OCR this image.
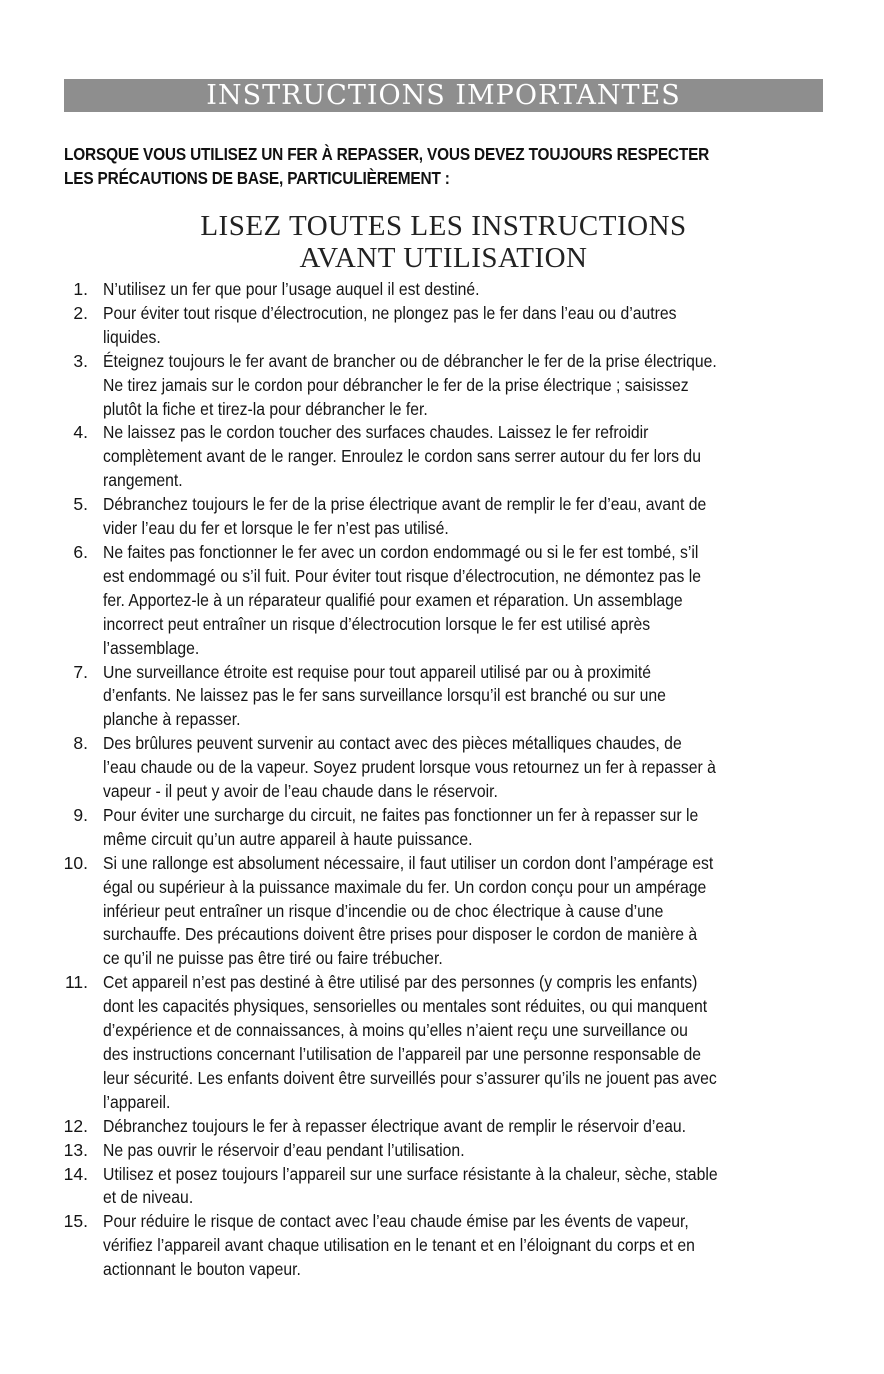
INSTRUCTIONS IMPORTANTES
LORSQUE VOUS UTILISEZ UN FER À REPASSER, VOUS DEVEZ TOUJOURS RESPECTER
LES PRÉCAUTIONS DE BASE, PARTICULIÈREMENT :
LISEZ TOUTES LES INSTRUCTIONS
AVANT UTILISATION
1. N’utilisez un fer que pour l’usage auquel il est destiné.
2. Pour éviter tout risque d’électrocution, ne plongez pas le fer dans l’eau ou d’autres
liquides.
3. Éteignez toujours le fer avant de brancher ou de débrancher le fer de la prise électrique.
Ne tirez jamais sur le cordon pour débrancher le fer de la prise électrique ; saisissez
plutôt la fiche et tirez-la pour débrancher le fer.
4. Ne laissez pas le cordon toucher des surfaces chaudes. Laissez le fer refroidir
complètement avant de le ranger. Enroulez le cordon sans serrer autour du fer lors du
rangement.
5. Débranchez toujours le fer de la prise électrique avant de remplir le fer d’eau, avant de
vider l’eau du fer et lorsque le fer n’est pas utilisé.
6. Ne faites pas fonctionner le fer avec un cordon endommagé ou si le fer est tombé, s’il
est endommagé ou s’il fuit. Pour éviter tout risque d’électrocution, ne démontez pas le
fer. Apportez-le à un réparateur qualifié pour examen et réparation. Un assemblage
incorrect peut entraîner un risque d’électrocution lorsque le fer est utilisé après
l’assemblage.
7. Une surveillance étroite est requise pour tout appareil utilisé par ou à proximité
d’enfants. Ne laissez pas le fer sans surveillance lorsqu’il est branché ou sur une
planche à repasser.
8. Des brûlures peuvent survenir au contact avec des pièces métalliques chaudes, de
l’eau chaude ou de la vapeur. Soyez prudent lorsque vous retournez un fer à repasser à
vapeur - il peut y avoir de l’eau chaude dans le réservoir.
9. Pour éviter une surcharge du circuit, ne faites pas fonctionner un fer à repasser sur le
même circuit qu’un autre appareil à haute puissance.
10. Si une rallonge est absolument nécessaire, il faut utiliser un cordon dont l’ampérage est
égal ou supérieur à la puissance maximale du fer. Un cordon conçu pour un ampérage
inférieur peut entraîner un risque d’incendie ou de choc électrique à cause d’une
surchauffe. Des précautions doivent être prises pour disposer le cordon de manière à
ce qu’il ne puisse pas être tiré ou faire trébucher.
11. Cet appareil n’est pas destiné à être utilisé par des personnes (y compris les enfants)
dont les capacités physiques, sensorielles ou mentales sont réduites, ou qui manquent
d’expérience et de connaissances, à moins qu’elles n’aient reçu une surveillance ou
des instructions concernant l’utilisation de l’appareil par une personne responsable de
leur sécurité. Les enfants doivent être surveillés pour s’assurer qu’ils ne jouent pas avec
l’appareil.
12. Débranchez toujours le fer à repasser électrique avant de remplir le réservoir d’eau.
13. Ne pas ouvrir le réservoir d’eau pendant l’utilisation.
14. Utilisez et posez toujours l’appareil sur une surface résistante à la chaleur, sèche, stable
et de niveau.
15. Pour réduire le risque de contact avec l’eau chaude émise par les évents de vapeur,
vérifiez l’appareil avant chaque utilisation en le tenant et en l’éloignant du corps et en
actionnant le bouton vapeur.
